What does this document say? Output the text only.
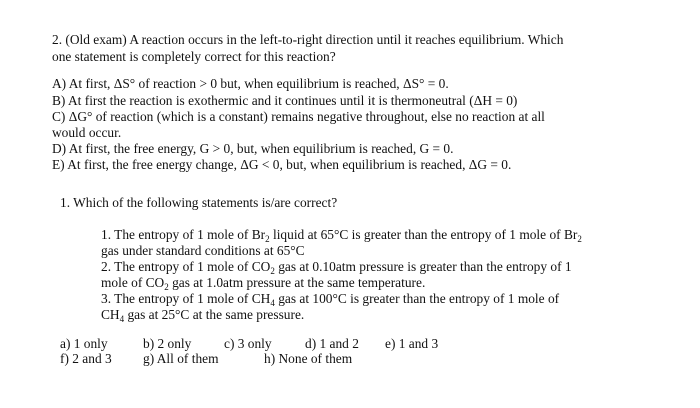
2. (Old exam) A reaction occurs in the left-to-right direction until it reaches equilibrium. Which
one statement is completely correct for this reaction?
A) At first, ΔS° of reaction > 0 but, when equilibrium is reached, ΔS° = 0.
B) At first the reaction is exothermic and it continues until it is thermoneutral (ΔH = 0)
C) ΔG° of reaction (which is a constant) remains negative throughout, else no reaction at all
would occur.
D) At first, the free energy, G > 0, but, when equilibrium is reached, G = 0.
E) At first, the free energy change, ΔG < 0, but, when equilibrium is reached, ΔG = 0.
1. Which of the following statements is/are correct?
1. The entropy of 1 mole of $Br_2$ liquid at 65°C is greater than the entropy of 1 mole of $Br_2$
gas under standard conditions at 65°C
2. The entropy of 1 mole of $CO_2$ gas at 0.10atm pressure is greater than the entropy of 1
mole of $CO_2$ gas at 1.0atm pressure at the same temperature.
3. The entropy of 1 mole of $CH_4$ gas at 100°C is greater than the entropy of 1 mole of
$CH_4$ gas at 25°C at the same pressure.
a) 1 only	b) 2 only c) 3 only d) 1 and 2 e) 1 and 3
f) 2 and 3 g) All of them	h) None of them
